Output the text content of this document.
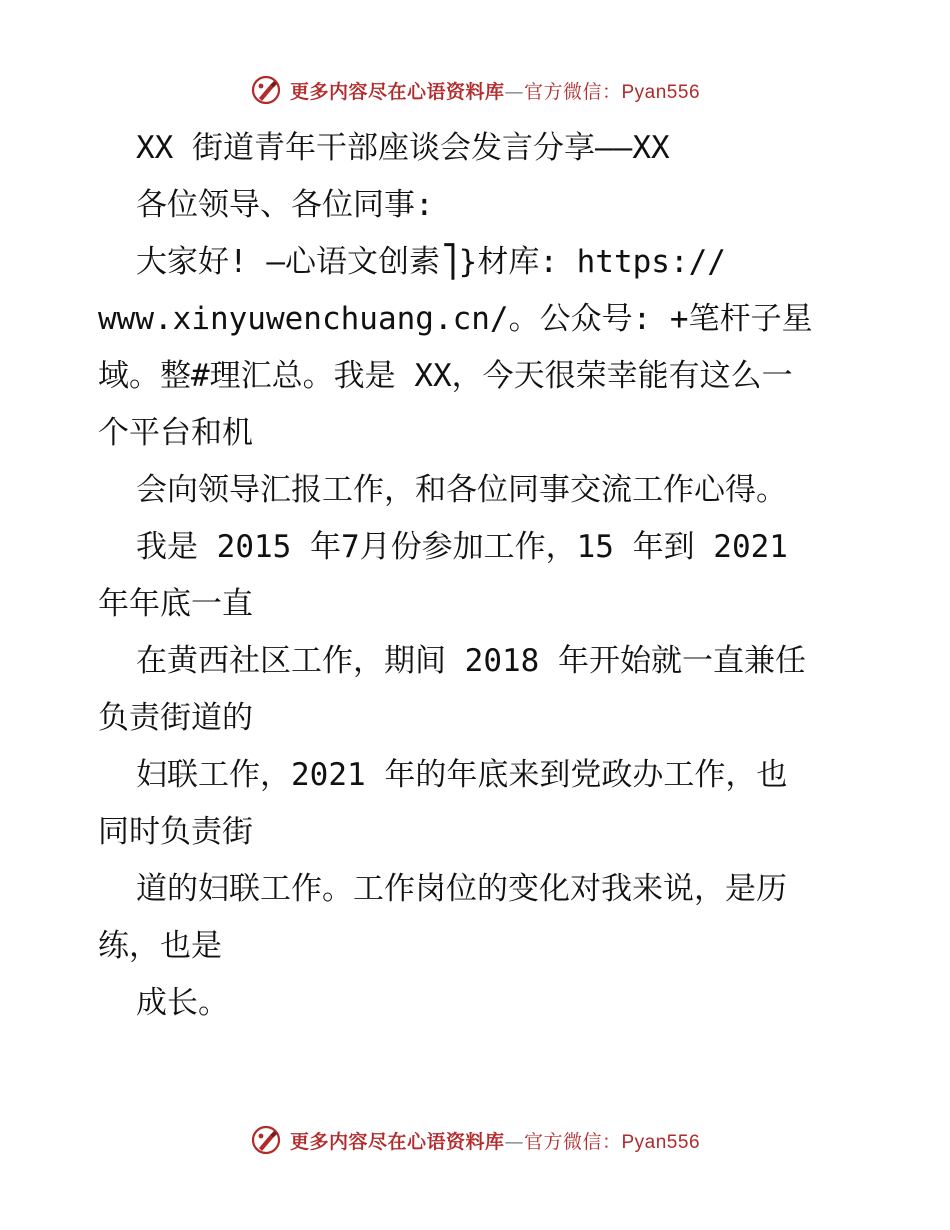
更多内容尽在心语资料库—官方微信：Pyan556
XX 街道青年干部座谈会发言分享——XX
各位领导、各位同事:
大家好! —心语文创素⎤}材库: https://
www.xinyuwenchuang.cn/。公众号: +笔杆子星
域。整#理汇总。我是 XX，今天很荣幸能有这么一
个平台和机
会向领导汇报工作，和各位同事交流工作心得。
我是 2015 年7月份参加工作，15 年到 2021
年年底一直
在黄西社区工作，期间 2018 年开始就一直兼任
负责街道的
妇联工作，2021 年的年底来到党政办工作，也
同时负责街
道的妇联工作。工作岗位的变化对我来说，是历
练，也是
成长。
更多内容尽在心语资料库—官方微信：Pyan556
